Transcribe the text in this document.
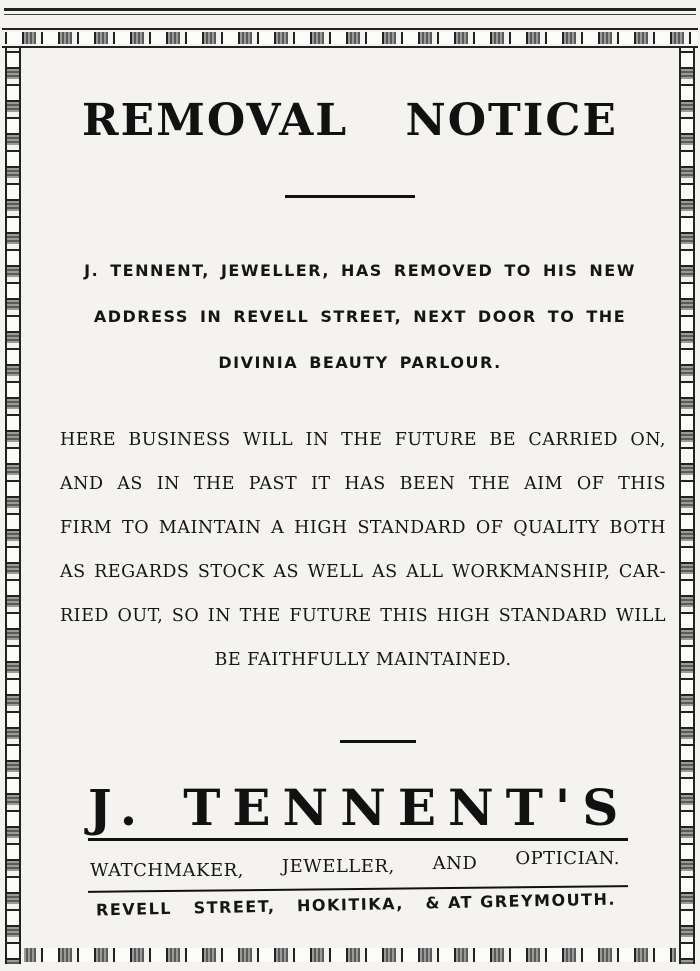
REMOVAL NOTICE
J. TENNENT, JEWELLER, HAS REMOVED TO HIS NEW
ADDRESS IN REVELL STREET, NEXT DOOR TO THE
DIVINIA BEAUTY PARLOUR.
HERE BUSINESS WILL IN THE FUTURE BE CARRIED ON,
AND AS IN THE PAST IT HAS BEEN THE AIM OF THIS
FIRM TO MAINTAIN A HIGH STANDARD OF QUALITY BOTH
AS REGARDS STOCK AS WELL AS ALL WORKMANSHIP, CAR-
RIED OUT, SO IN THE FUTURE THIS HIGH STANDARD WILL
BE FAITHFULLY MAINTAINED.
J. TENNENT'S
WATCHMAKER, JEWELLER, AND OPTICIAN.
REVELL STREET, HOKITIKA, & AT GREYMOUTH.
